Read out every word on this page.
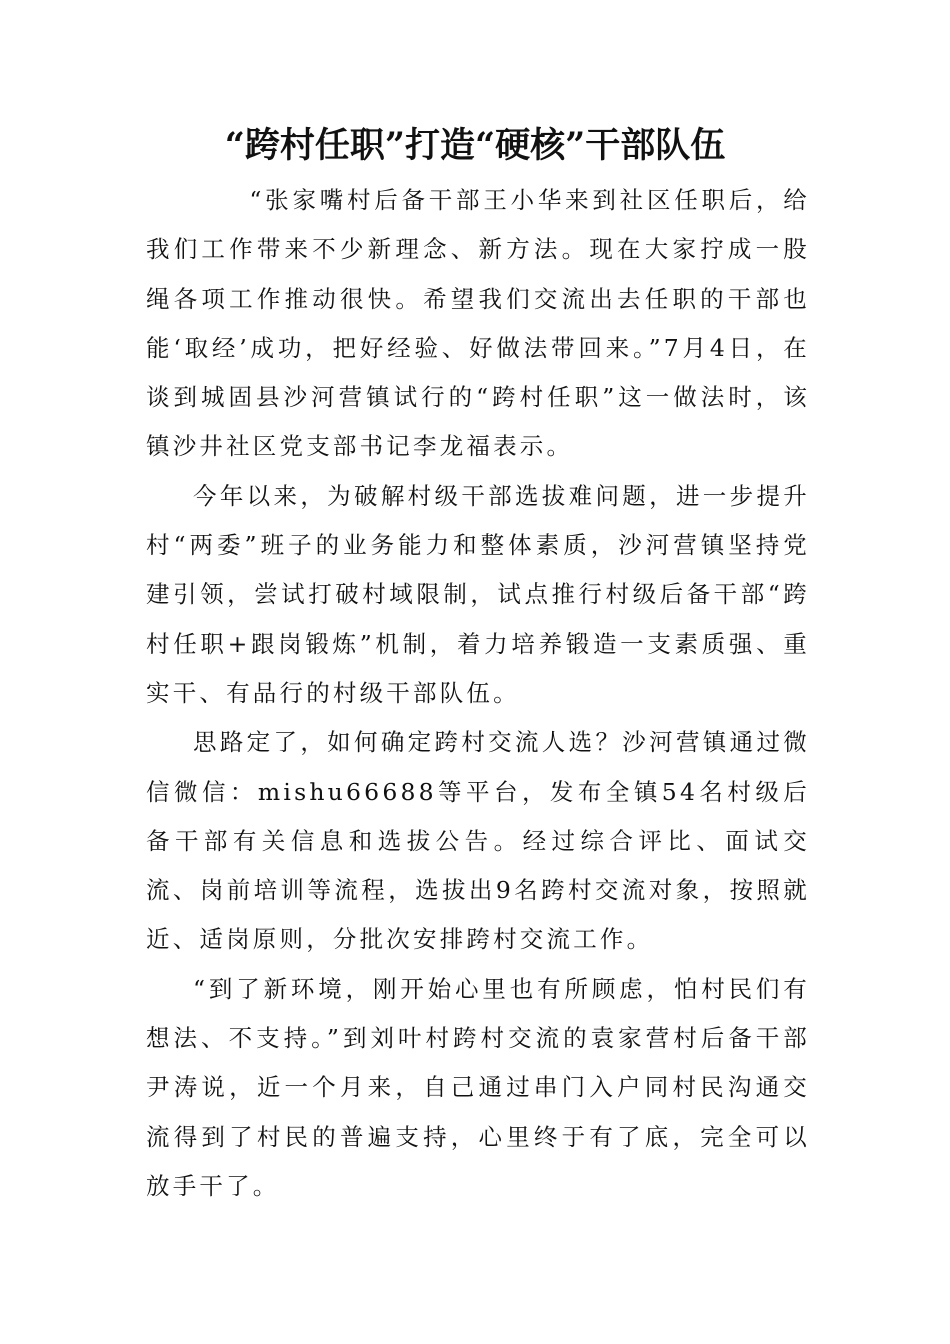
“跨村任职”打造“硬核”干部队伍

“张家嘴村后备干部王小华来到社区任职后，给我们工作带来不少新理念、新方法。现在大家拧成一股绳各项工作推动很快。希望我们交流出去任职的干部也能‘取经’成功，把好经验、好做法带回来。”7月4日，在谈到城固县沙河营镇试行的“跨村任职”这一做法时，该镇沙井社区党支部书记李龙福表示。

今年以来，为破解村级干部选拔难问题，进一步提升村“两委”班子的业务能力和整体素质，沙河营镇坚持党建引领，尝试打破村域限制，试点推行村级后备干部“跨村任职+跟岗锻炼”机制，着力培养锻造一支素质强、重实干、有品行的村级干部队伍。

思路定了，如何确定跨村交流人选？沙河营镇通过微信微信：mishu66688等平台，发布全镇54名村级后备干部有关信息和选拔公告。经过综合评比、面试交流、岗前培训等流程，选拔出9名跨村交流对象，按照就近、适岗原则，分批次安排跨村交流工作。

“到了新环境，刚开始心里也有所顾虑，怕村民们有想法、不支持。”到刘叶村跨村交流的袁家营村后备干部尹涛说，近一个月来，自己通过串门入户同村民沟通交流得到了村民的普遍支持，心里终于有了底，完全可以放手干了。
